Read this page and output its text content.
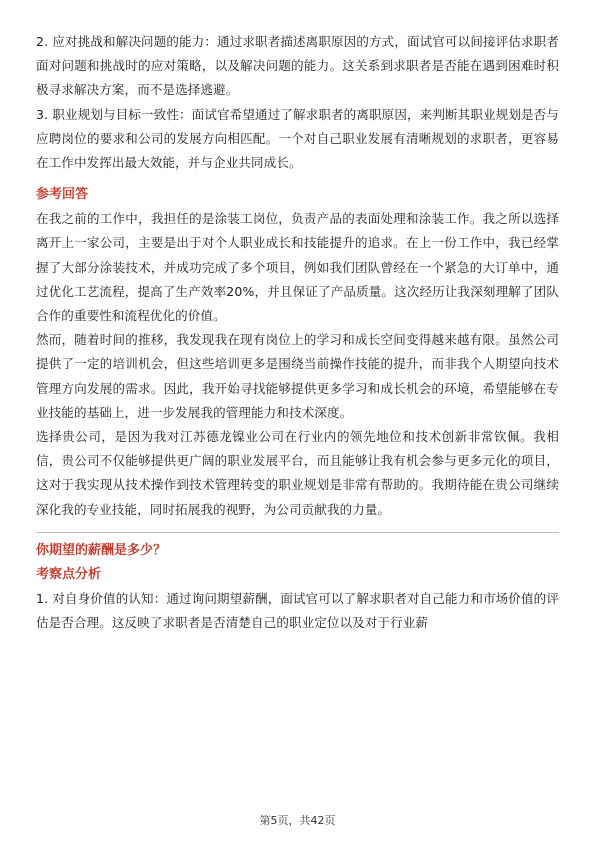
2. 应对挑战和解决问题的能力：通过求职者描述离职原因的方式，面试官可以间接评估求职者面对问题和挑战时的应对策略，以及解决问题的能力。这关系到求职者是否能在遇到困难时积极寻求解决方案，而不是选择逃避。

3. 职业规划与目标一致性：面试官希望通过了解求职者的离职原因，来判断其职业规划是否与应聘岗位的要求和公司的发展方向相匹配。一个对自己职业发展有清晰规划的求职者，更容易在工作中发挥出最大效能，并与企业共同成长。

参考回答

在我之前的工作中，我担任的是涂装工岗位，负责产品的表面处理和涂装工作。我之所以选择离开上一家公司，主要是出于对个人职业成长和技能提升的追求。在上一份工作中，我已经掌握了大部分涂装技术，并成功完成了多个项目，例如我们团队曾经在一个紧急的大订单中，通过优化工艺流程，提高了生产效率20%，并且保证了产品质量。这次经历让我深刻理解了团队合作的重要性和流程优化的价值。

然而，随着时间的推移，我发现我在现有岗位上的学习和成长空间变得越来越有限。虽然公司提供了一定的培训机会，但这些培训更多是围绕当前操作技能的提升，而非我个人期望向技术管理方向发展的需求。因此，我开始寻找能够提供更多学习和成长机会的环境，希望能够在专业技能的基础上，进一步发展我的管理能力和技术深度。

选择贵公司，是因为我对江苏德龙镍业公司在行业内的领先地位和技术创新非常钦佩。我相信，贵公司不仅能够提供更广阔的职业发展平台，而且能够让我有机会参与更多元化的项目，这对于我实现从技术操作到技术管理转变的职业规划是非常有帮助的。我期待能在贵公司继续深化我的专业技能，同时拓展我的视野，为公司贡献我的力量。

你期望的薪酬是多少？

考察点分析

1. 对自身价值的认知：通过询问期望薪酬，面试官可以了解求职者对自己能力和市场价值的评估是否合理。这反映了求职者是否清楚自己的职业定位以及对于行业薪

第5页，共42页
